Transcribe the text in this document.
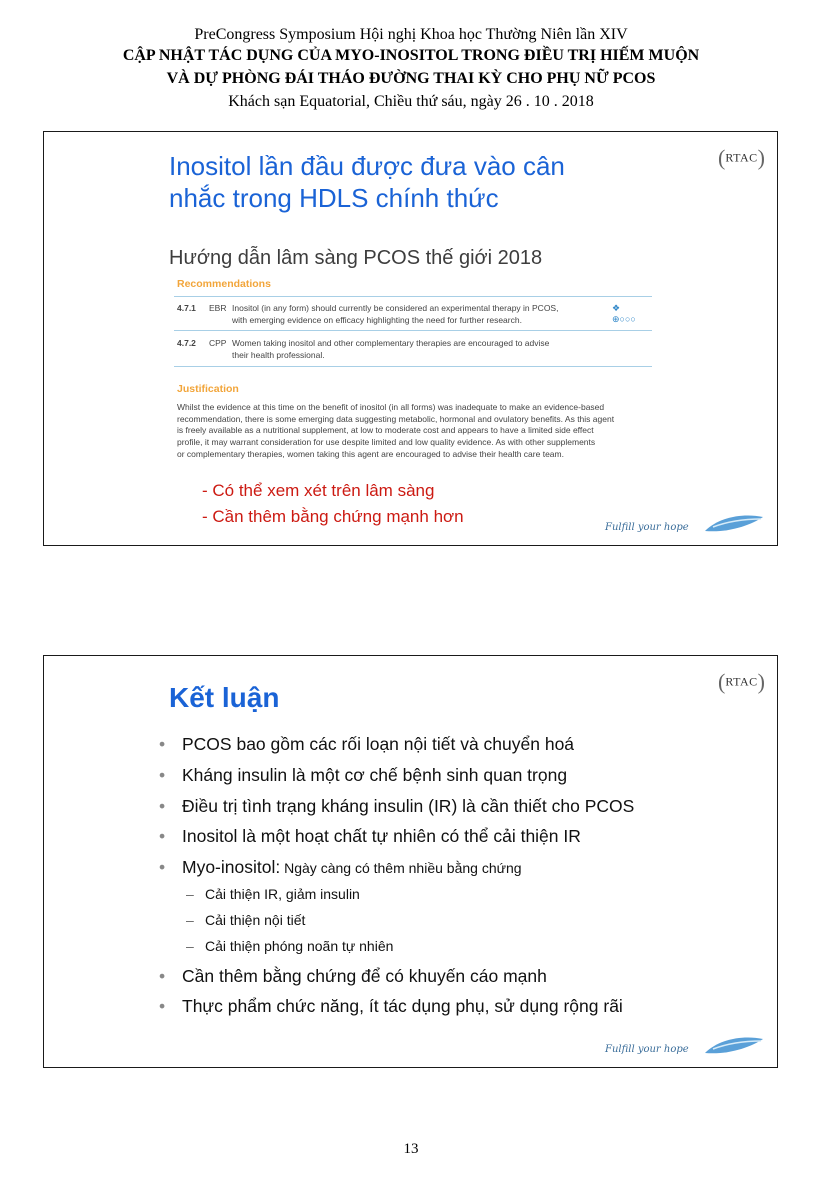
PreCongress Symposium Hội nghị Khoa học Thường Niên lần XIV
CẬP NHẬT TÁC DỤNG CỦA MYO-INOSITOL TRONG ĐIỀU TRỊ HIẾM MUỘN
VÀ DỰ PHÒNG ĐÁI THÁO ĐƯỜNG THAI KỲ CHO PHỤ NỮ PCOS
Khách sạn Equatorial, Chiều thứ sáu, ngày 26 . 10 . 2018
(RTAC)
Inositol lần đầu được đưa vào cân
nhắc trong HDLS chính thức
Hướng dẫn lâm sàng PCOS thế giới 2018
Recommendations
4.7.1 EBR Inositol (in any form) should currently be considered an experimental therapy in PCOS,
with emerging evidence on efficacy highlighting the need for further research.
❖
⊕○○○
4.7.2 CPP Women taking inositol and other complementary therapies are encouraged to advise
their health professional.
Justification
Whilst the evidence at this time on the benefit of inositol (in all forms) was inadequate to make an evidence-based
recommendation, there is some emerging data suggesting metabolic, hormonal and ovulatory benefits. As this agent
is freely available as a nutritional supplement, at low to moderate cost and appears to have a limited side effect
profile, it may warrant consideration for use despite limited and low quality evidence. As with other supplements
or complementary therapies, women taking this agent are encouraged to advise their health care team.
- Có thể xem xét trên lâm sàng
- Cần thêm bằng chứng mạnh hơn
Fulfill your hope
(RTAC)
Kết luận
• PCOS bao gồm các rối loạn nội tiết và chuyển hoá
• Kháng insulin là một cơ chế bệnh sinh quan trọng
• Điều trị tình trạng kháng insulin (IR) là cần thiết cho PCOS
• Inositol là một hoạt chất tự nhiên có thể cải thiện IR
• Myo-inositol: Ngày càng có thêm nhiều bằng chứng
– Cải thiện IR, giảm insulin
– Cải thiện nội tiết
– Cải thiện phóng noãn tự nhiên
• Cần thêm bằng chứng để có khuyến cáo mạnh
• Thực phẩm chức năng, ít tác dụng phụ, sử dụng rộng rãi
Fulfill your hope
13
